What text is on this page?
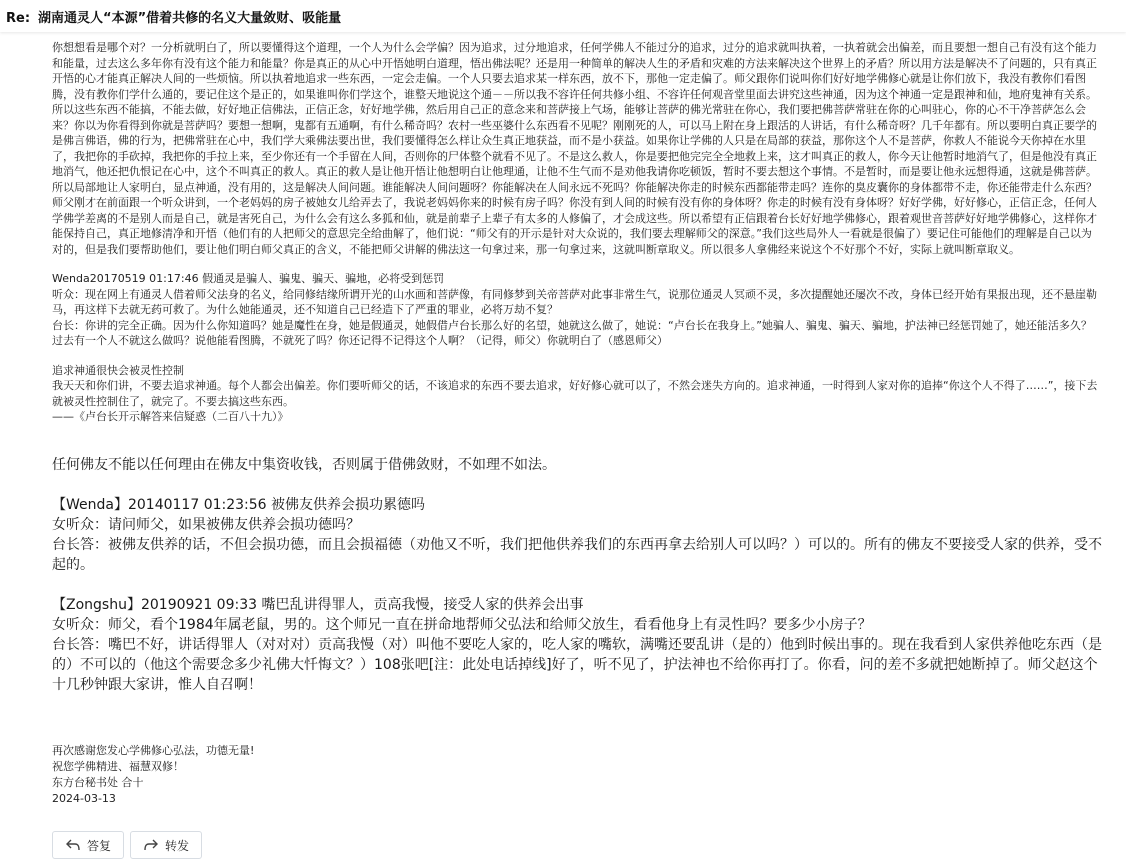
Re: 湖南通灵人“本源”借着共修的名义大量敛财、吸能量

你想想看是哪个对？一分析就明白了，所以要懂得这个道理，一个人为什么会学偏？因为追求，过分地追求，任何学佛人不能过分的追求，过分的追求就叫执着，一执着就会出偏差，而且要想一想自己有没有这个能力和能量，过去这么多年你有没有这个能力和能量？你是真正的从心中开悟她明白道理，悟出佛法呢？还是用一种简单的解决人生的矛盾和灾难的方法来解决这个世界上的矛盾？所以用方法是解决不了问题的，只有真正开悟的心才能真正解决人间的一些烦恼。所以执着地追求一些东西，一定会走偏。一个人只要去追求某一样东西，放不下，那他一定走偏了。师父跟你们说叫你们好好地学佛修心就是让你们放下，我没有教你们看图腾，没有教你们学什么通的，要记住这个是正的，如果谁叫你们学这个，谁整天地说这个通－－所以我不容许任何共修小组、不容许任何观音堂里面去讲究这些神通，因为这个神通一定是跟神和仙，地府鬼神有关系。所以这些东西不能搞，不能去做，好好地正信佛法，正信正念，好好地学佛，然后用自己正的意念来和菩萨接上气场，能够让菩萨的佛光常驻在你心，我们要把佛菩萨常驻在你的心叫驻心，你的心不干净菩萨怎么会来？你以为你看得到你就是菩萨吗？要想一想啊，鬼都有五通啊，有什么稀奇吗？农村一些巫婆什么东西看不见呢？刚刚死的人，可以马上附在身上跟活的人讲话，有什么稀奇呀？几千年都有。所以要明白真正要学的是佛言佛语，佛的行为，把佛常驻在心中，我们学大乘佛法要出世，我们要懂得怎么样让众生真正地获益，而不是小获益。如果你让学佛的人只是在局部的获益，那你这个人不是菩萨，你救人不能说今天你掉在水里了，我把你的手砍掉，我把你的手拉上来，至少你还有一个手留在人间，否则你的尸体整个就看不见了。不是这么救人，你是要把他完完全全地救上来，这才叫真正的救人，你今天让他暂时地消气了，但是他没有真正地消气，他还把仇恨记在心中，这个不叫真正的救人。真正的救人是让他开悟让他想明白让他理通，让他不生气而不是劝他我请你吃顿饭，暂时不要去想这个事情。不是暂时，而是要让他永远想得通，这就是佛菩萨。所以局部地让人家明白，显点神通，没有用的，这是解决人间问题。谁能解决人间问题呀？你能解决在人间永远不死吗？你能解决你走的时候东西都能带走吗？连你的臭皮囊你的身体都带不走，你还能带走什么东西？师父刚才在前面跟一个听众讲到，一个老妈妈的房子被她女儿给弄去了，我说老妈妈你来的时候有房子吗？你没有到人间的时候有没有你的身体呀？你走的时候有没有身体呀？好好学佛，好好修心，正信正念，任何人学佛学差离的不是别人而是自己，就是害死自己，为什么会有这么多狐和仙，就是前辈子上辈子有太多的人修偏了，才会成这些。所以希望有正信跟着台长好好地学佛修心，跟着观世音菩萨好好地学佛修心，这样你才能保持自己，真正地修清净和开悟（他们有的人把师父的意思完全给曲解了，他们说：“师父有的开示是针对大众说的，我们要去理解师父的深意。”我们这些局外人一看就是很偏了）要记住可能他们的理解是自己以为对的，但是我们要帮助他们，要让他们明白师父真正的含义，不能把师父讲解的佛法这一句拿过来，那一句拿过来，这就叫断章取义。所以很多人拿佛经来说这个不好那个不好，实际上就叫断章取义。

Wenda20170519 01:17:46 假通灵是骗人、骗鬼、骗天、骗地，必将受到惩罚

听众：现在网上有通灵人借着师父法身的名义，给同修结缘所谓开光的山水画和菩萨像，有同修梦到关帝菩萨对此事非常生气，说那位通灵人冥顽不灵，多次提醒她还屡次不改，身体已经开始有果报出现，还不悬崖勒马，再这样下去就无药可救了。为什么她能通灵，还不知道自己已经造下了严重的罪业，必将万劫不复？

台长：你讲的完全正确。因为什么你知道吗？她是魔性在身，她是假通灵，她假借卢台长那么好的名望，她就这么做了，她说：“卢台长在我身上。”她骗人、骗鬼、骗天、骗地，护法神已经惩罚她了，她还能活多久？过去有一个人不就这么做吗？说他能看图腾，不就死了吗？你还记得不记得这个人啊？（记得，师父）你就明白了（感恩师父）

追求神通很快会被灵性控制

我天天和你们讲，不要去追求神通。每个人都会出偏差。你们要听师父的话，不该追求的东西不要去追求，好好修心就可以了，不然会迷失方向的。追求神通，一时得到人家对你的追捧“你这个人不得了……”，接下去就被灵性控制住了，就完了。不要去搞这些东西。

——《卢台长开示解答来信疑惑（二百八十九）》

任何佛友不能以任何理由在佛友中集资收钱，否则属于借佛敛财，不如理不如法。

【Wenda】20140117 01:23:56 被佛友供养会损功累德吗

女听众：请问师父，如果被佛友供养会损功德吗？

台长答：被佛友供养的话，不但会损功德，而且会损福德（劝他又不听，我们把他供养我们的东西再拿去给别人可以吗？）可以的。所有的佛友不要接受人家的供养，受不起的。

【Zongshu】20190921 09:33 嘴巴乱讲得罪人，贡高我慢，接受人家的供养会出事

女听众：师父，看个1984年属老鼠，男的。这个师兄一直在拼命地帮师父弘法和给师父放生，看看他身上有灵性吗？要多少小房子？

台长答：嘴巴不好，讲话得罪人（对对对）贡高我慢（对）叫他不要吃人家的，吃人家的嘴软，满嘴还要乱讲（是的）他到时候出事的。现在我看到人家供养他吃东西（是的）不可以的（他这个需要念多少礼佛大忏悔文？）108张吧[注：此处电话掉线]好了，听不见了，护法神也不给你再打了。你看，问的差不多就把她断掉了。师父赵这个十几秒钟跟大家讲，惟人自召啊！

再次感谢您发心学佛修心弘法，功德无量!
祝您学佛精进、福慧双修！
东方台秘书处 合十
2024-03-13
答复	转发
